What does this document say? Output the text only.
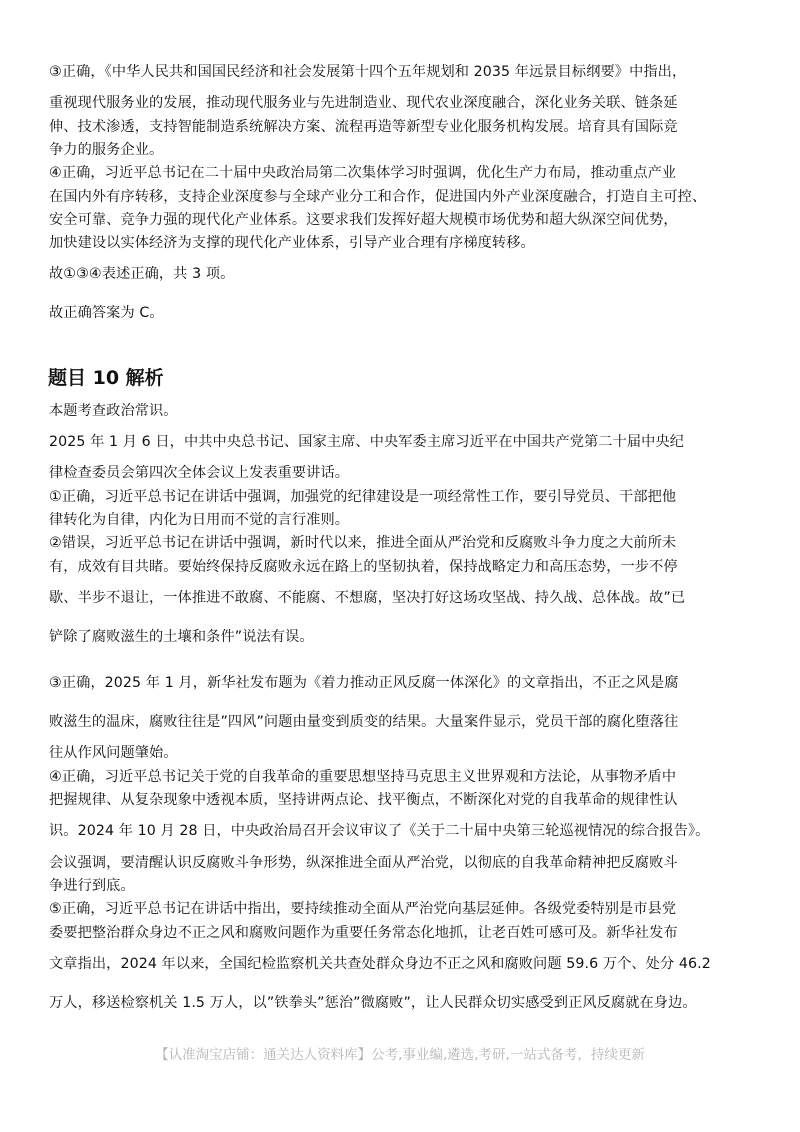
③正确，《中华人民共和国国民经济和社会发展第十四个五年规划和 2035 年远景目标纲要》中指出，
重视现代服务业的发展，推动现代服务业与先进制造业、现代农业深度融合，深化业务关联、链条延
伸、技术渗透，支持智能制造系统解决方案、流程再造等新型专业化服务机构发展。培育具有国际竞
争力的服务企业。
④正确，习近平总书记在二十届中央政治局第二次集体学习时强调，优化生产力布局，推动重点产业
在国内外有序转移，支持企业深度参与全球产业分工和合作，促进国内外产业深度融合，打造自主可控、
安全可靠、竞争力强的现代化产业体系。这要求我们发挥好超大规模市场优势和超大纵深空间优势，
加快建设以实体经济为支撑的现代化产业体系，引导产业合理有序梯度转移。
故①③④表述正确，共 3 项。
故正确答案为 C。
题目 10 解析
本题考查政治常识。
2025 年 1 月 6 日，中共中央总书记、国家主席、中央军委主席习近平在中国共产党第二十届中央纪
律检查委员会第四次全体会议上发表重要讲话。
①正确，习近平总书记在讲话中强调，加强党的纪律建设是一项经常性工作，要引导党员、干部把他
律转化为自律，内化为日用而不觉的言行准则。
②错误，习近平总书记在讲话中强调，新时代以来，推进全面从严治党和反腐败斗争力度之大前所未
有，成效有目共睹。要始终保持反腐败永远在路上的坚韧执着，保持战略定力和高压态势，一步不停
歇、半步不退让，一体推进不敢腐、不能腐、不想腐，坚决打好这场攻坚战、持久战、总体战。故”已
铲除了腐败滋生的土壤和条件”说法有误。
③正确，2025 年 1 月，新华社发布题为《着力推动正风反腐一体深化》的文章指出，不正之风是腐
败滋生的温床，腐败往往是”四风”问题由量变到质变的结果。大量案件显示，党员干部的腐化堕落往
往从作风问题肇始。
④正确，习近平总书记关于党的自我革命的重要思想坚持马克思主义世界观和方法论，从事物矛盾中
把握规律、从复杂现象中透视本质，坚持讲两点论、找平衡点，不断深化对党的自我革命的规律性认
识。2024 年 10 月 28 日，中央政治局召开会议审议了《关于二十届中央第三轮巡视情况的综合报告》。
会议强调，要清醒认识反腐败斗争形势，纵深推进全面从严治党，以彻底的自我革命精神把反腐败斗
争进行到底。
⑤正确，习近平总书记在讲话中指出，要持续推动全面从严治党向基层延伸。各级党委特别是市县党
委要把整治群众身边不正之风和腐败问题作为重要任务常态化地抓，让老百姓可感可及。新华社发布
文章指出，2024 年以来，全国纪检监察机关共查处群众身边不正之风和腐败问题 59.6 万个、处分 46.2
万人，移送检察机关 1.5 万人，以”铁拳头”惩治”微腐败”，让人民群众切实感受到正风反腐就在身边。
【认准淘宝店铺：通关达人资料库】公考,事业编,遴选,考研,一站式备考，持续更新
